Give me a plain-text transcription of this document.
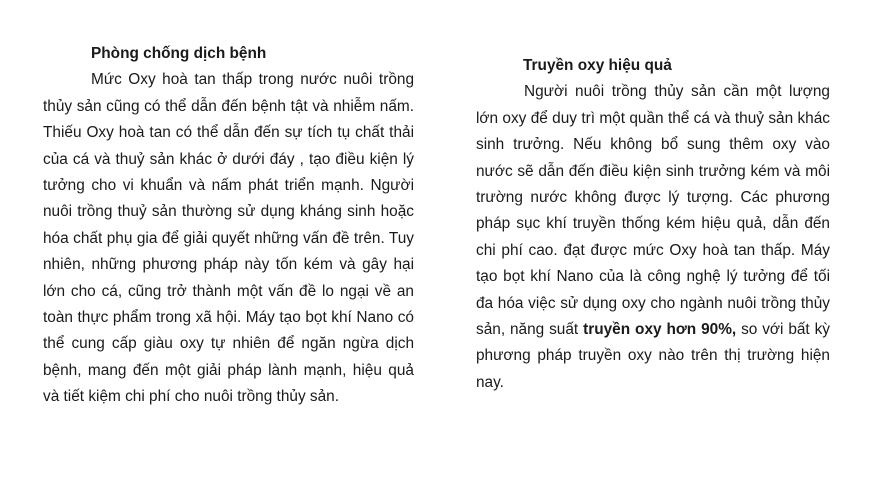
Phòng chống dịch bệnh

Mức Oxy hoà tan thấp trong nước nuôi trồng thủy sản cũng có thể dẫn đến bệnh tật và nhiễm nấm. Thiếu Oxy hoà tan có thể dẫn đến sự tích tụ chất thải của cá và thuỷ sản khác ở dưới đáy , tạo điều kiện lý tưởng cho vi khuẩn và nấm phát triển mạnh. Người nuôi trồng thuỷ sản thường sử dụng kháng sinh hoặc hóa chất phụ gia để giải quyết những vấn đề trên. Tuy nhiên, những phương pháp này tốn kém và gây hại lớn cho cá, cũng trở thành một vấn đề lo ngại về an toàn thực phẩm trong xã hội. Máy tạo bọt khí Nano có thể cung cấp giàu oxy tự nhiên để ngăn ngừa dịch bệnh, mang đến một giải pháp lành mạnh, hiệu quả và tiết kiệm chi phí cho nuôi trồng thủy sản.

Truyền oxy hiệu quả

Người nuôi trồng thủy sản cần một lượng lớn oxy để duy trì một quần thể cá và thuỷ sản khác sinh trưởng. Nếu không bổ sung thêm oxy vào nước sẽ dẫn đến điều kiện sinh trưởng kém và môi trường nước không được lý tượng. Các phương pháp sục khí truyền thống kém hiệu quả, dẫn đến chi phí cao. đạt được mức Oxy hoà tan thấp. Máy tạo bọt khí Nano của là công nghệ lý tưởng để tối đa hóa việc sử dụng oxy cho ngành nuôi trồng thủy sản, năng suất truyền oxy hơn 90%, so với bất kỳ phương pháp truyền oxy nào trên thị trường hiện nay.
